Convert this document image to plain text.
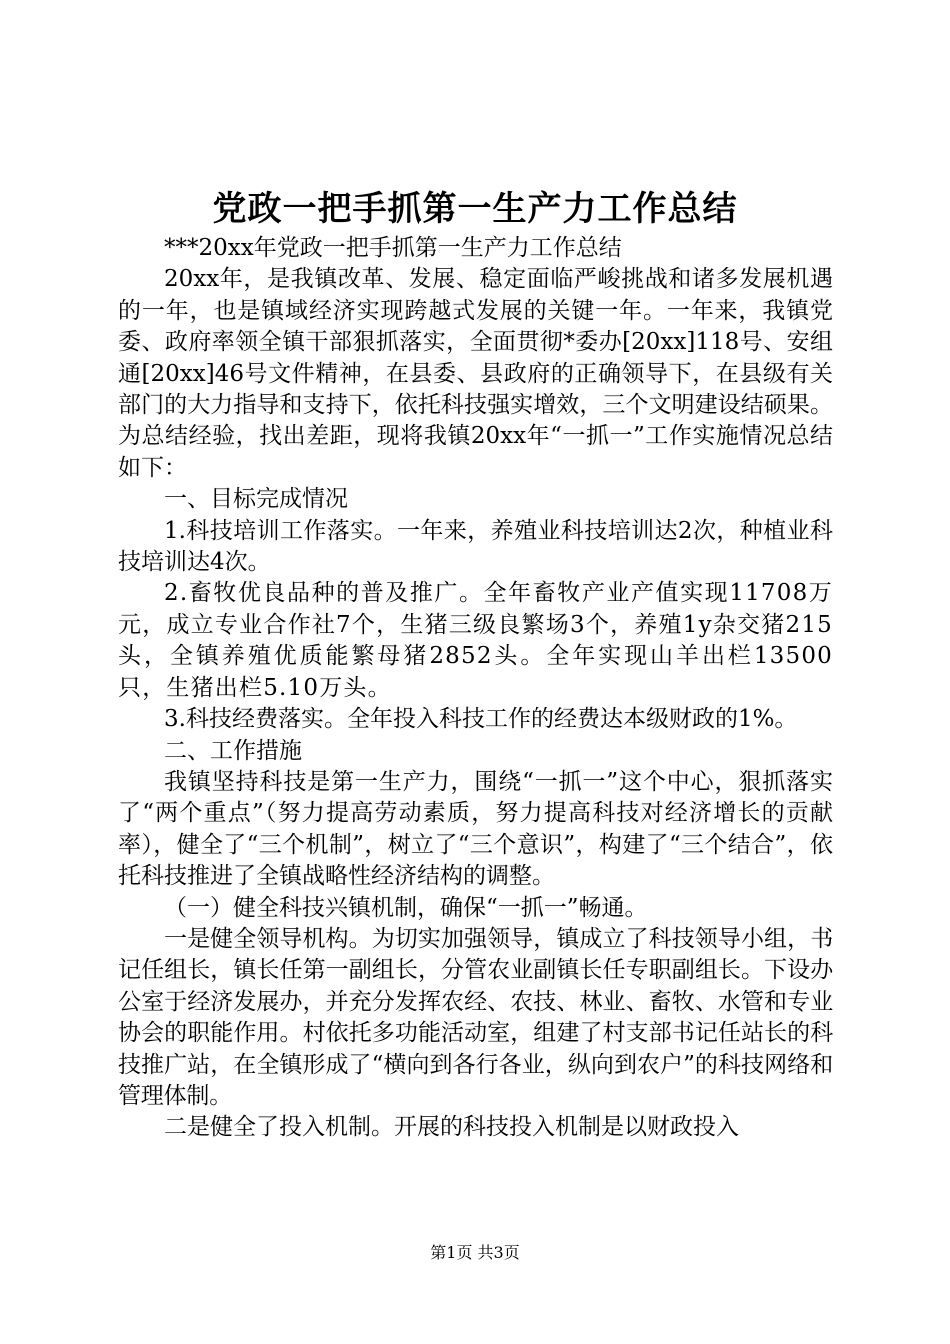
党政一把手抓第一生产力工作总结

***20xx年党政一把手抓第一生产力工作总结

20xx年，是我镇改革、发展、稳定面临严峻挑战和诸多发展机遇的一年，也是镇域经济实现跨越式发展的关键一年。一年来，我镇党委、政府率领全镇干部狠抓落实，全面贯彻*委办[20xx]118号、安组通[20xx]46号文件精神，在县委、县政府的正确领导下，在县级有关部门的大力指导和支持下，依托科技强实增效，三个文明建设结硕果。为总结经验，找出差距，现将我镇20xx年“一抓一”工作实施情况总结如下：

一、目标完成情况

1.科技培训工作落实。一年来，养殖业科技培训达2次，种植业科技培训达4次。

2.畜牧优良品种的普及推广。全年畜牧产业产值实现11708万元，成立专业合作社7个，生猪三级良繁场3个，养殖1y杂交猪215头，全镇养殖优质能繁母猪2852头。全年实现山羊出栏13500只，生猪出栏5.10万头。

3.科技经费落实。全年投入科技工作的经费达本级财政的1%。

二、工作措施

我镇坚持科技是第一生产力，围绕“一抓一”这个中心，狠抓落实了“两个重点”（努力提高劳动素质，努力提高科技对经济增长的贡献率），健全了“三个机制”，树立了“三个意识”，构建了“三个结合”，依托科技推进了全镇战略性经济结构的调整。

（一）健全科技兴镇机制，确保“一抓一”畅通。

一是健全领导机构。为切实加强领导，镇成立了科技领导小组，书记任组长，镇长任第一副组长，分管农业副镇长任专职副组长。下设办公室于经济发展办，并充分发挥农经、农技、林业、畜牧、水管和专业协会的职能作用。村依托多功能活动室，组建了村支部书记任站长的科技推广站，在全镇形成了“横向到各行各业，纵向到农户”的科技网络和管理体制。

二是健全了投入机制。开展的科技投入机制是以财政投入

第1页 共3页
